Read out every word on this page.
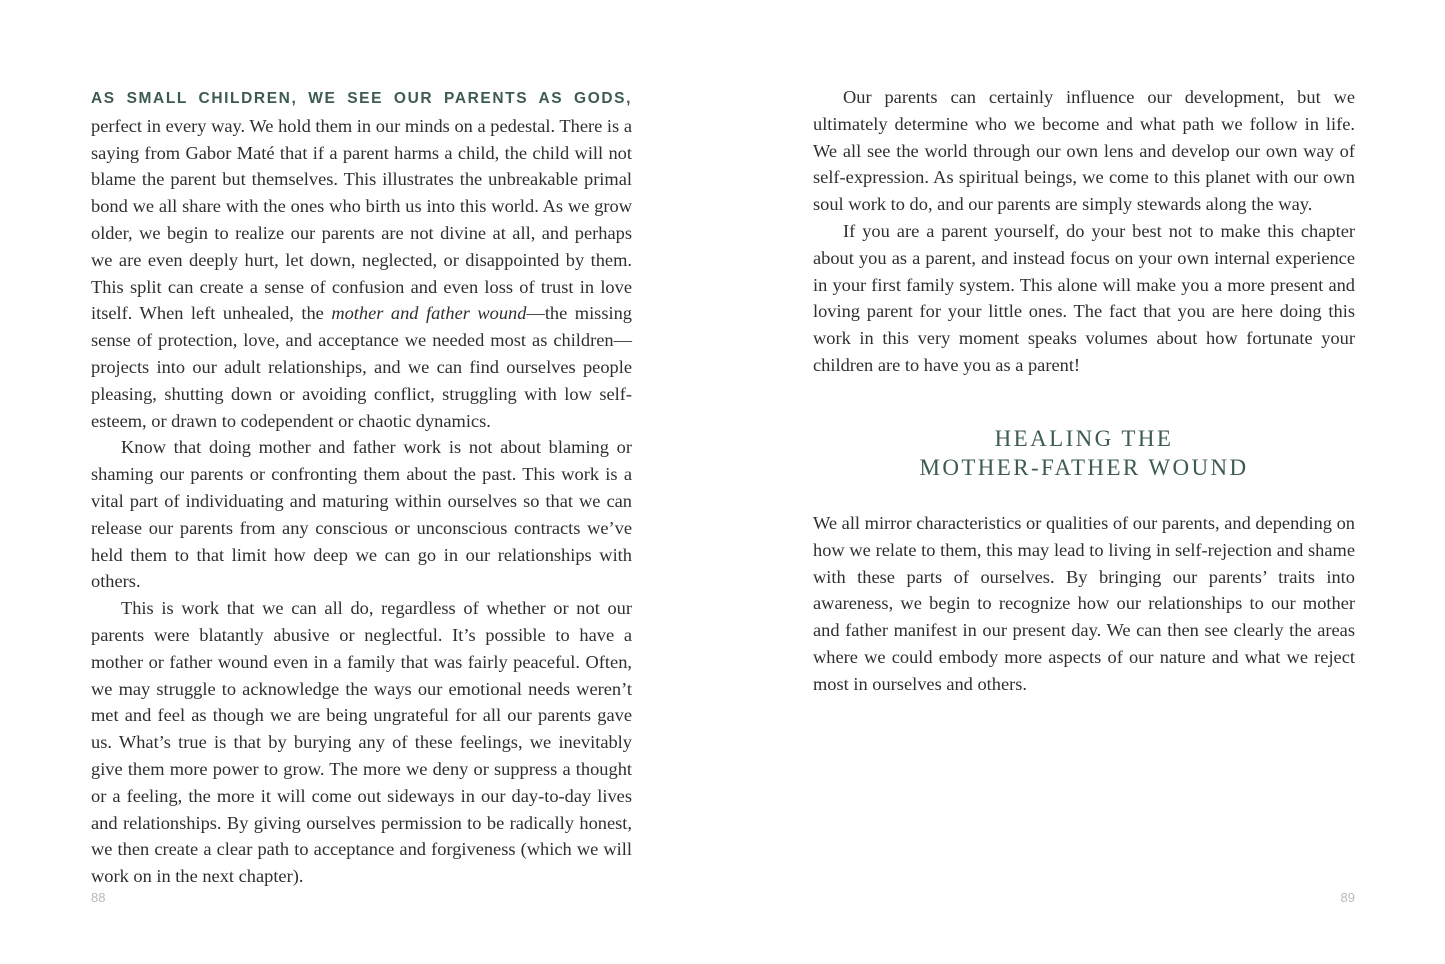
AS SMALL CHILDREN, WE SEE OUR PARENTS AS GODS, perfect in every way. We hold them in our minds on a pedestal. There is a saying from Gabor Maté that if a parent harms a child, the child will not blame the parent but themselves. This illustrates the unbreakable primal bond we all share with the ones who birth us into this world. As we grow older, we begin to realize our parents are not divine at all, and perhaps we are even deeply hurt, let down, neglected, or disappointed by them. This split can create a sense of confusion and even loss of trust in love itself. When left unhealed, the mother and father wound—the missing sense of protection, love, and acceptance we needed most as children—projects into our adult relationships, and we can find ourselves people pleasing, shutting down or avoiding conflict, struggling with low self-esteem, or drawn to codependent or chaotic dynamics.

Know that doing mother and father work is not about blaming or shaming our parents or confronting them about the past. This work is a vital part of individuating and maturing within ourselves so that we can release our parents from any conscious or unconscious contracts we’ve held them to that limit how deep we can go in our relationships with others.

This is work that we can all do, regardless of whether or not our parents were blatantly abusive or neglectful. It’s possible to have a mother or father wound even in a family that was fairly peaceful. Often, we may struggle to acknowledge the ways our emotional needs weren’t met and feel as though we are being ungrateful for all our parents gave us. What’s true is that by burying any of these feelings, we inevitably give them more power to grow. The more we deny or suppress a thought or a feeling, the more it will come out sideways in our day-to-day lives and relationships. By giving ourselves permission to be radically honest, we then create a clear path to acceptance and forgiveness (which we will work on in the next chapter).

88

Our parents can certainly influence our development, but we ultimately determine who we become and what path we follow in life. We all see the world through our own lens and develop our own way of self-expression. As spiritual beings, we come to this planet with our own soul work to do, and our parents are simply stewards along the way.

If you are a parent yourself, do your best not to make this chapter about you as a parent, and instead focus on your own internal experience in your first family system. This alone will make you a more present and loving parent for your little ones. The fact that you are here doing this work in this very moment speaks volumes about how fortunate your children are to have you as a parent!

HEALING THE
MOTHER-FATHER WOUND

We all mirror characteristics or qualities of our parents, and depending on how we relate to them, this may lead to living in self-rejection and shame with these parts of ourselves. By bringing our parents’ traits into awareness, we begin to recognize how our relationships to our mother and father manifest in our present day. We can then see clearly the areas where we could embody more aspects of our nature and what we reject most in ourselves and others.

89
